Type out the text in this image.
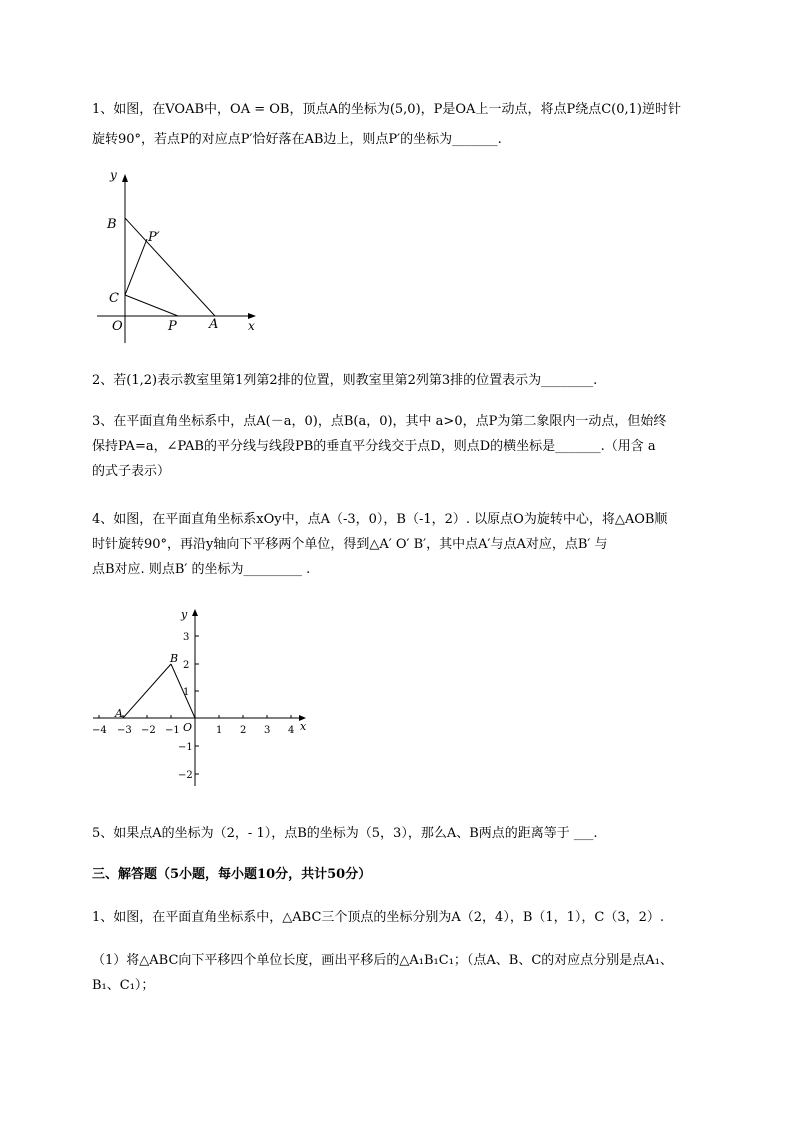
1、如图，在VOAB中，OA = OB，顶点A的坐标为(5,0)，P是OA上一动点，将点P绕点C(0,1)逆时针
旋转90°，若点P的对应点P′恰好落在AB边上，则点P′的坐标为_______.
y
x
B
P′
C
O	P A
2、若(1,2)表示教室里第1列第2排的位置，则教室里第2列第3排的位置表示为________.
3、在平面直角坐标系中，点A(－a，0)，点B(a，0)，其中 a>0，点P为第二象限内一动点，但始终
保持PA=a，∠PAB的平分线与线段PB的垂直平分线交于点D，则点D的横坐标是_______.（用含 a
的式子表示）
4、如图，在平面直角坐标系xOy中，点A（-3，0），B（-1，2）. 以原点O为旋转中心，将△AOB顺
时针旋转90°，再沿y轴向下平移两个单位，得到△A′ O′ B′，其中点A′与点A对应，点B′ 与
点B对应. 则点B′ 的坐标为_________ .
−4 −3 −2 −1	1 2 3 4
3
2
1
−1
−2
y
x
B
A
O
5、如果点A的坐标为（2，- 1），点B的坐标为（5，3），那么A、B两点的距离等于 ___.
三、解答题（5小题，每小题10分，共计50分）
1、如图，在平面直角坐标系中，△ABC三个顶点的坐标分别为A（2，4），B（1，1），C（3，2）.
（1）将△ABC向下平移四个单位长度，画出平移后的△A₁B₁C₁；（点A、B、C的对应点分别是点A₁、
B₁、C₁）；
